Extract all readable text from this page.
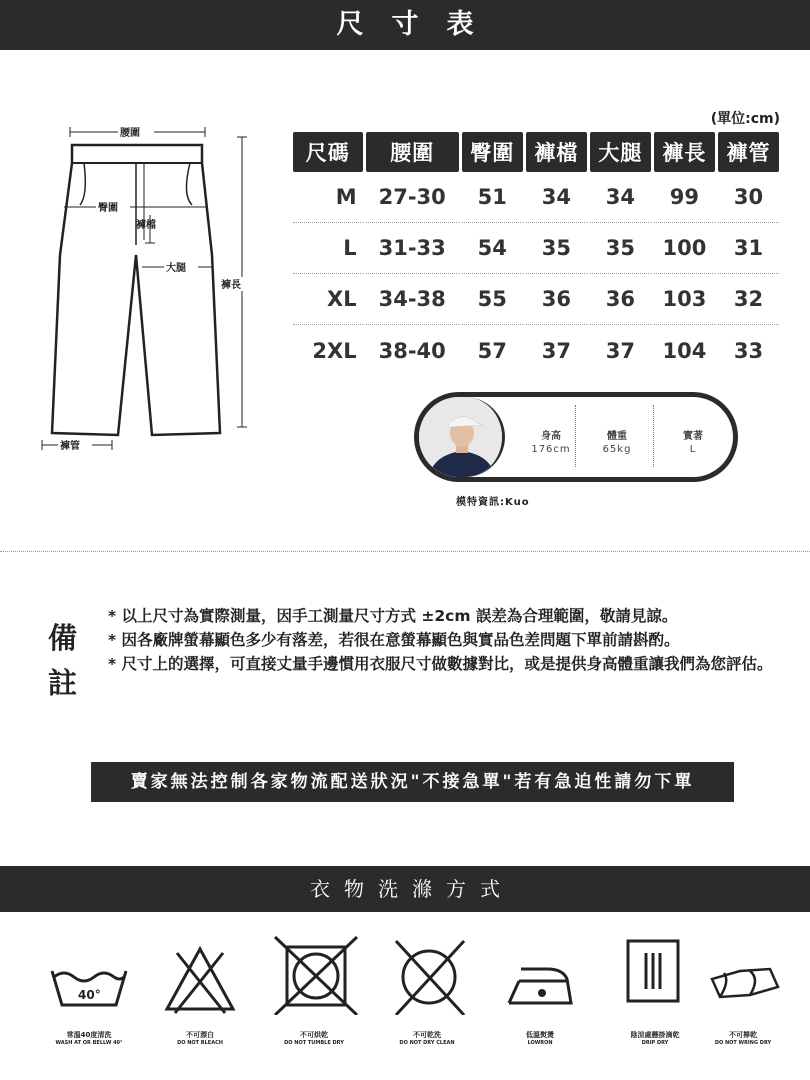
尺寸表
腰圍
臀圍
褲檔
大腿
褲長
褲管
(單位:cm)
尺碼	腰圍	臀圍	褲檔	大腿	褲長	褲管
M	27-30	51	34	34	99	30
L	31-33	54	35	35	100	31
XL	34-38	55	36	36	103	32
2XL	38-40	57	37	37	104	33
身高
176cm
體重
65kg
實著
L
模特資訊:Kuo
備註

* 以上尺寸為實際測量，因手工測量尺寸方式 ±2cm 誤差為合理範圍，敬請見諒。

* 因各廠牌螢幕顯色多少有落差，若很在意螢幕顯色與實品色差問題下單前請斟酌。

* 尺寸上的選擇，可直接丈量手邊慣用衣服尺寸做數據對比，或是提供身高體重讓我們為您評估。

賣家無法控制各家物流配送狀況"不接急單"若有急迫性請勿下單
衣物洗滌方式
40°
常溫40度清洗
WASH AT OR BELLW 40°
不可漂白
DO NOT BLEACH
不可烘乾
DO NOT TUMBLE DRY
不可乾洗
DO NOT DRY CLEAN
低溫熨燙
LOWRON
陰涼處懸掛滴乾
DRIP DRY
不可擰乾
DO NOT WRING DRY
